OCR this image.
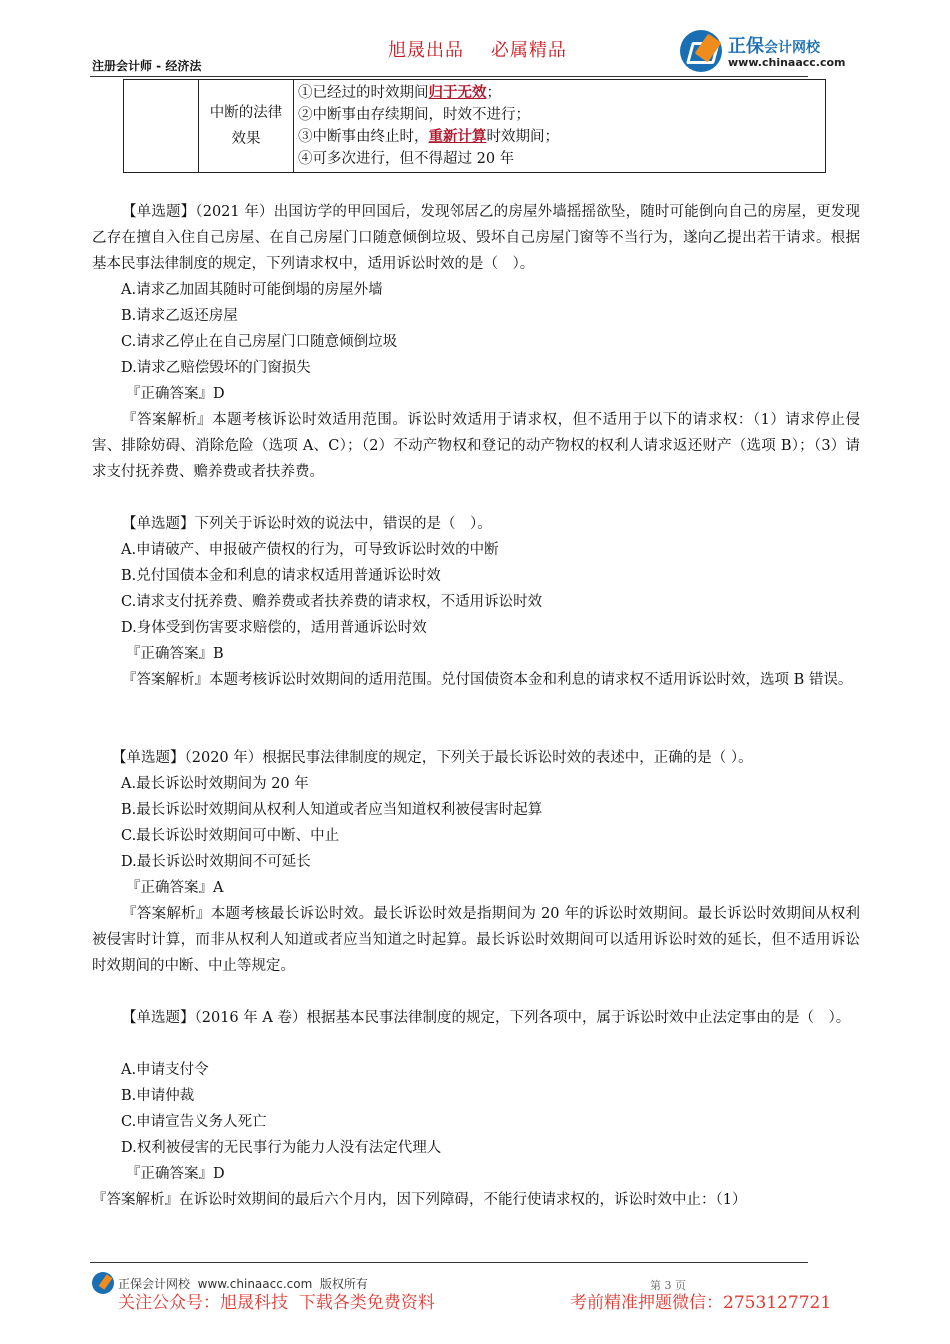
旭晟出品    必属精品
注册会计师 - 经济法
正保会计网校
www.chinaacc.com
	中断的法律效果	
①已经过的时效期间归于无效；
②中断事由存续期间，时效不进行；
③中断事由终止时，重新计算时效期间；
④可多次进行，但不得超过 20 年
【单选题】（2021 年）出国访学的甲回国后，发现邻居乙的房屋外墙摇摇欲坠，随时可能倒向自己的房屋，更发现乙存在擅自入住自己房屋、在自己房屋门口随意倾倒垃圾、毁坏自己房屋门窗等不当行为，遂向乙提出若干请求。根据基本民事法律制度的规定，下列请求权中，适用诉讼时效的是（　）。
A.请求乙加固其随时可能倒塌的房屋外墙
B.请求乙返还房屋
C.请求乙停止在自己房屋门口随意倾倒垃圾
D.请求乙赔偿毁坏的门窗损失
『正确答案』D
『答案解析』本题考核诉讼时效适用范围。诉讼时效适用于请求权，但不适用于以下的请求权：（1）请求停止侵害、排除妨碍、消除危险（选项 A、C）；（2）不动产物权和登记的动产物权的权利人请求返还财产（选项 B）；（3）请求支付抚养费、赡养费或者扶养费。
【单选题】下列关于诉讼时效的说法中，错误的是（　）。
A.申请破产、申报破产债权的行为，可导致诉讼时效的中断
B.兑付国债本金和利息的请求权适用普通诉讼时效
C.请求支付抚养费、赡养费或者扶养费的请求权，不适用诉讼时效
D.身体受到伤害要求赔偿的，适用普通诉讼时效
『正确答案』B
『答案解析』本题考核诉讼时效期间的适用范围。兑付国债资本金和利息的请求权不适用诉讼时效，选项 B 错误。
【单选题】（2020 年）根据民事法律制度的规定，下列关于最长诉讼时效的表述中，正确的是（ ）。
A.最长诉讼时效期间为 20 年
B.最长诉讼时效期间从权利人知道或者应当知道权利被侵害时起算
C.最长诉讼时效期间可中断、中止
D.最长诉讼时效期间不可延长
『正确答案』A
『答案解析』本题考核最长诉讼时效。最长诉讼时效是指期间为 20 年的诉讼时效期间。最长诉讼时效期间从权利被侵害时计算，而非从权利人知道或者应当知道之时起算。最长诉讼时效期间可以适用诉讼时效的延长，但不适用诉讼时效期间的中断、中止等规定。
【单选题】（2016 年 A 卷）根据基本民事法律制度的规定，下列各项中，属于诉讼时效中止法定事由的是（　）。
A.申请支付令
B.申请仲裁
C.申请宣告义务人死亡
D.权利被侵害的无民事行为能力人没有法定代理人
『正确答案』D
『答案解析』在诉讼时效期间的最后六个月内，因下列障碍，不能行使请求权的，诉讼时效中止：（1）
正保会计网校  www.chinaacc.com  版权所有	第 3 页
关注公众号：旭晟科技  下载各类免费资料	考前精准押题微信：2753127721
